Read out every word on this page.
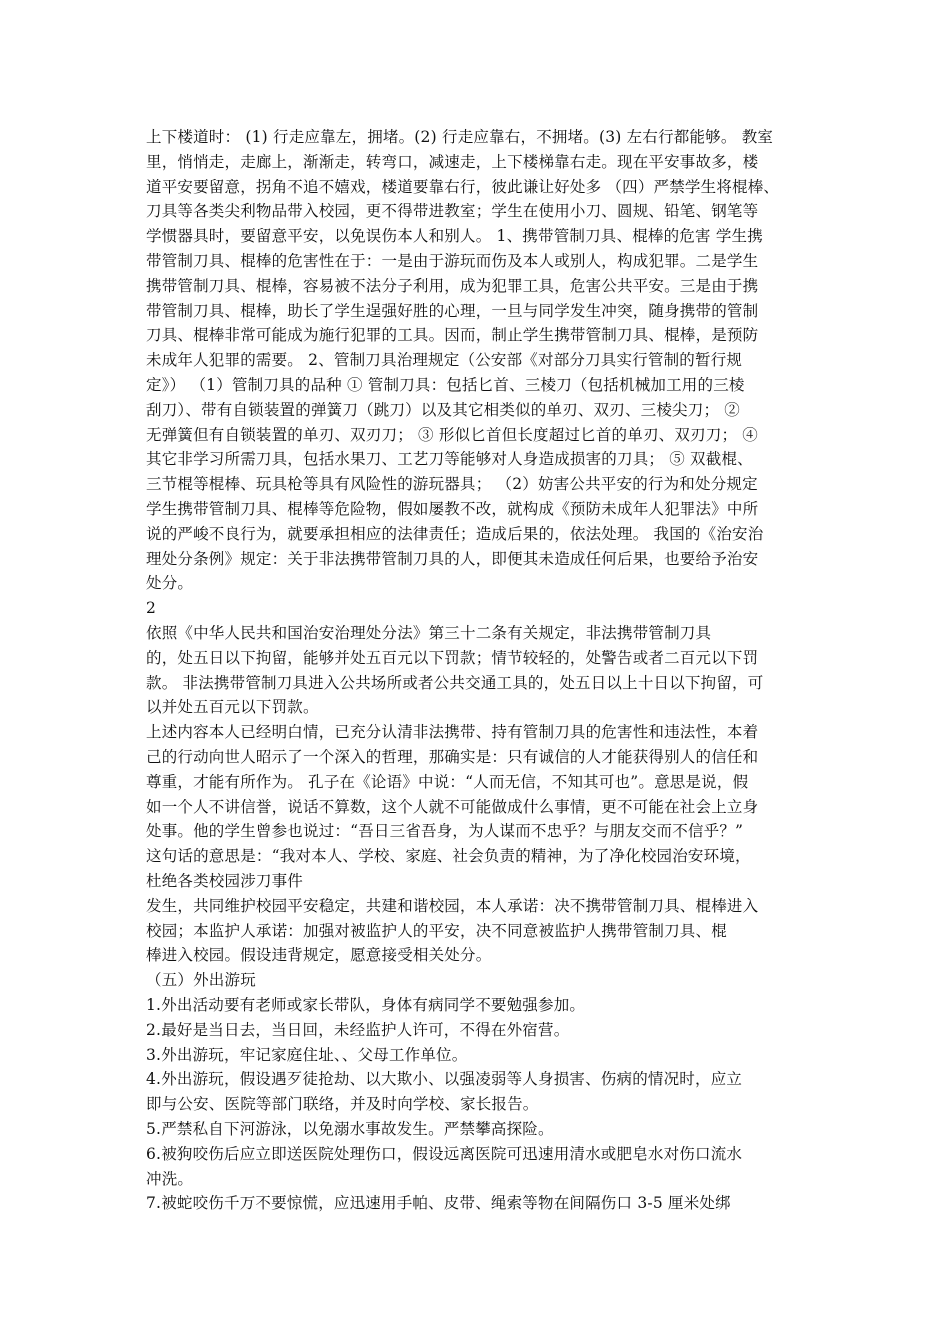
上下楼道时： (1) 行走应靠左，拥堵。(2) 行走应靠右，不拥堵。(3) 左右行都能够。 教室
里，悄悄走，走廊上，渐渐走，转弯口，减速走，上下楼梯靠右走。现在平安事故多，楼
道平安要留意，拐角不追不嬉戏，楼道要靠右行，彼此谦让好处多 （四）严禁学生将棍棒、
刀具等各类尖利物品带入校园，更不得带进教室；学生在使用小刀、圆规、铅笔、钢笔等
学惯器具时，要留意平安，以免误伤本人和别人。 1、携带管制刀具、棍棒的危害 学生携
带管制刀具、棍棒的危害性在于：一是由于游玩而伤及本人或别人，构成犯罪。二是学生
携带管制刀具、棍棒，容易被不法分子利用，成为犯罪工具，危害公共平安。三是由于携
带管制刀具、棍棒，助长了学生逞强好胜的心理，一旦与同学发生冲突，随身携带的管制
刀具、棍棒非常可能成为施行犯罪的工具。因而，制止学生携带管制刀具、棍棒，是预防
未成年人犯罪的需要。 2、管制刀具治理规定（公安部《对部分刀具实行管制的暂行规
定》） （1）管制刀具的品种 ① 管制刀具：包括匕首、三棱刀（包括机械加工用的三棱
刮刀）、带有自锁装置的弹簧刀（跳刀）以及其它相类似的单刃、双刃、三棱尖刀； ②
无弹簧但有自锁装置的单刃、双刃刀； ③ 形似匕首但长度超过匕首的单刃、双刃刀； ④
其它非学习所需刀具，包括水果刀、工艺刀等能够对人身造成损害的刀具； ⑤ 双截棍、
三节棍等棍棒、玩具枪等具有风险性的游玩器具； （2）妨害公共平安的行为和处分规定
学生携带管制刀具、棍棒等危险物，假如屡教不改，就构成《预防未成年人犯罪法》中所
说的严峻不良行为，就要承担相应的法律责任；造成后果的，依法处理。 我国的《治安治
理处分条例》规定：关于非法携带管制刀具的人，即便其未造成任何后果，也要给予治安
处分。
2
依照《中华人民共和国治安治理处分法》第三十二条有关规定，非法携带管制刀具
的，处五日以下拘留，能够并处五百元以下罚款；情节较轻的，处警告或者二百元以下罚
款。 非法携带管制刀具进入公共场所或者公共交通工具的，处五日以上十日以下拘留，可
以并处五百元以下罚款。
上述内容本人已经明白情，已充分认清非法携带、持有管制刀具的危害性和违法性，本着
己的行动向世人昭示了一个深入的哲理，那确实是：只有诚信的人才能获得别人的信任和
尊重，才能有所作为。 孔子在《论语》中说：“人而无信，不知其可也”。意思是说，假
如一个人不讲信誉，说话不算数，这个人就不可能做成什么事情，更不可能在社会上立身
处事。他的学生曾参也说过：“吾日三省吾身，为人谋而不忠乎？与朋友交而不信乎？”
这句话的意思是：“我对本人、学校、家庭、社会负责的精神，为了净化校园治安环境，
杜绝各类校园涉刀事件
发生，共同维护校园平安稳定，共建和谐校园，本人承诺：决不携带管制刀具、棍棒进入
校园；本监护人承诺：加强对被监护人的平安，决不同意被监护人携带管制刀具、棍
棒进入校园。假设违背规定，愿意接受相关处分。
（五）外出游玩
1.外出活动要有老师或家长带队，身体有病同学不要勉强参加。
2.最好是当日去，当日回，未经监护人许可，不得在外宿营。
3.外出游玩，牢记家庭住址、、父母工作单位。
4.外出游玩，假设遇歹徒抢劫、以大欺小、以强凌弱等人身损害、伤病的情况时，应立
即与公安、医院等部门联络，并及时向学校、家长报告。
5.严禁私自下河游泳，以免溺水事故发生。严禁攀高探险。
6.被狗咬伤后应立即送医院处理伤口，假设远离医院可迅速用清水或肥皂水对伤口流水
冲洗。
7.被蛇咬伤千万不要惊慌，应迅速用手帕、皮带、绳索等物在间隔伤口 3-5 厘米处绑
